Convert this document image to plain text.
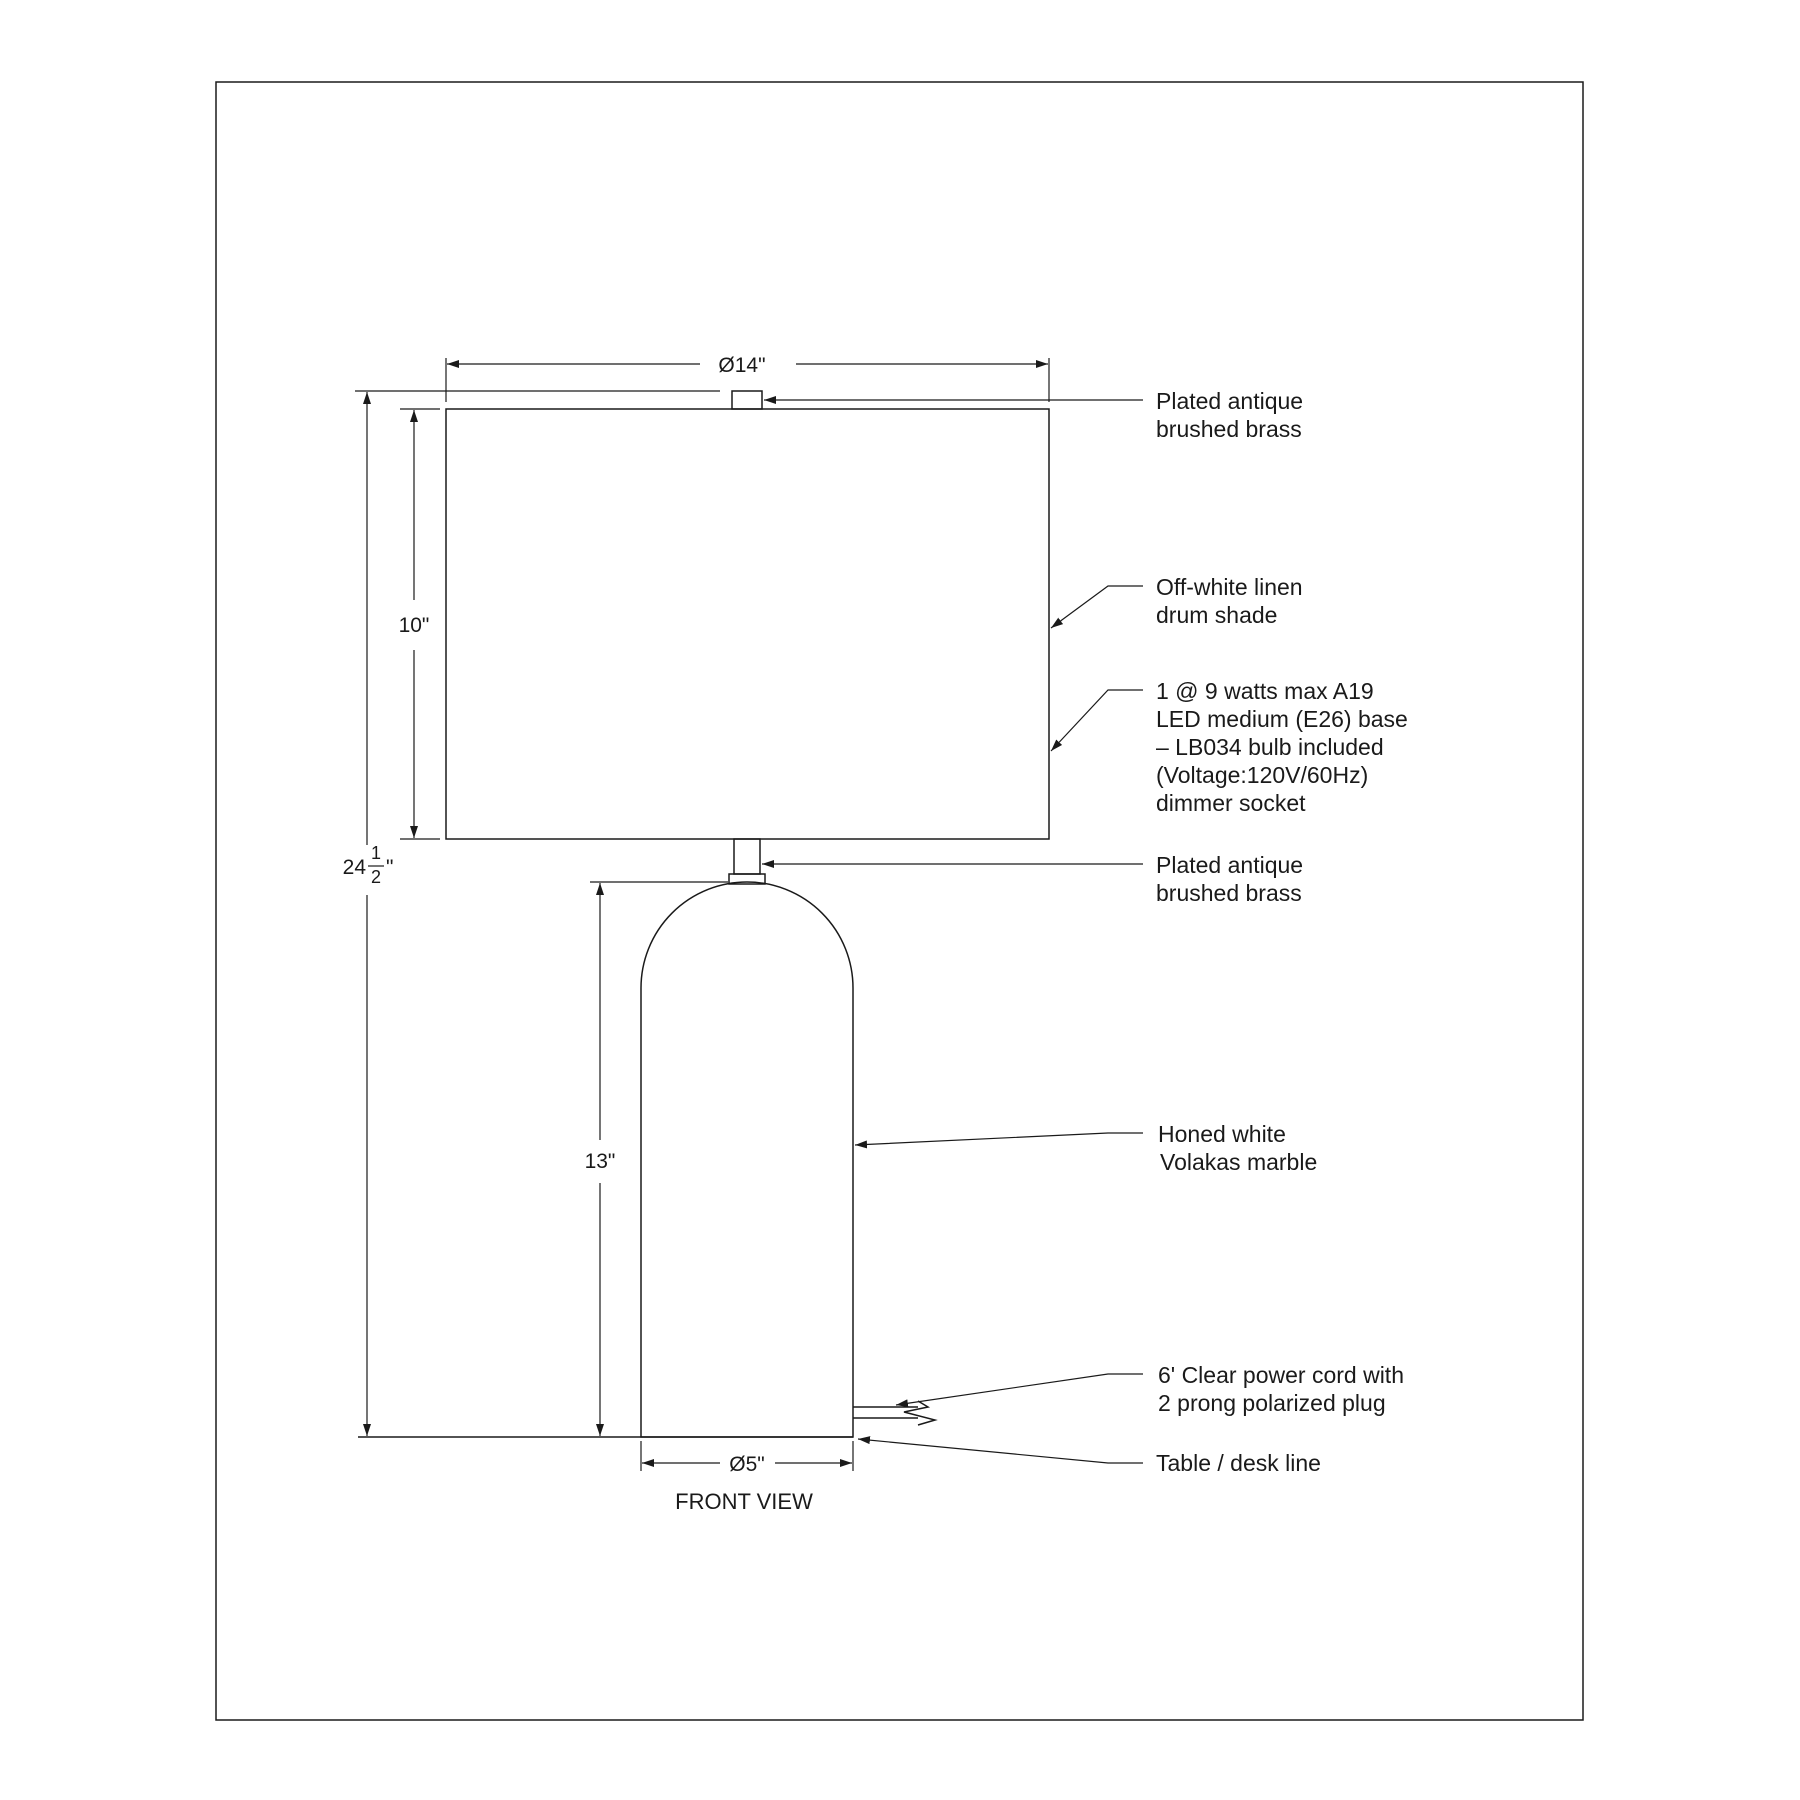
Ø14"
10"
24
1
2 "
13"
Ø5"
FRONT VIEW
Plated antique
brushed brass
Off-white linen
drum shade
1 @ 9 watts max A19
LED medium (E26) base
– LB034 bulb included
(Voltage:120V/60Hz)
dimmer socket
Plated antique
brushed brass
Honed white
Volakas marble
6' Clear power cord with
2 prong polarized plug
Table / desk line
